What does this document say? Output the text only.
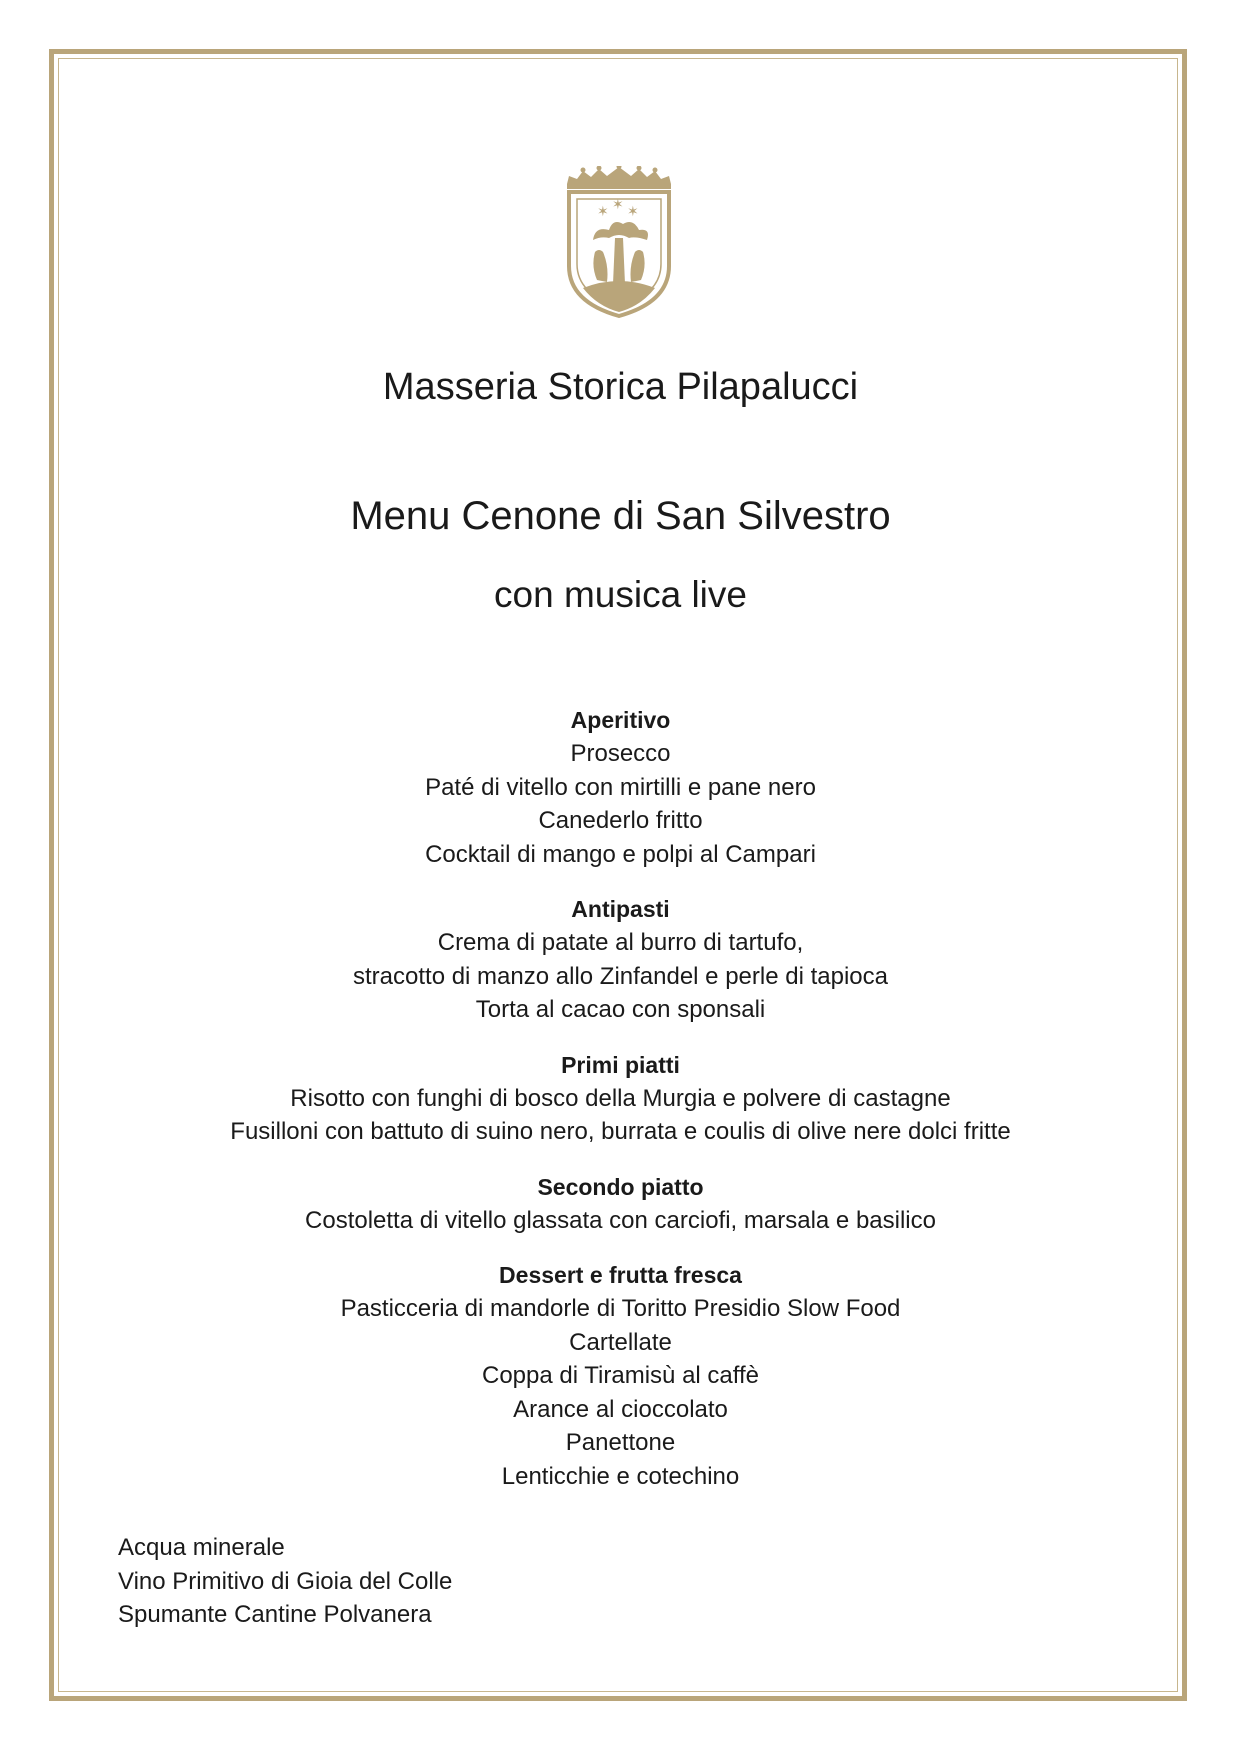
✶ ✶ ✶
Masseria Storica Pilapalucci
Menu Cenone di San Silvestro
con musica live
Aperitivo
Prosecco
Paté di vitello con mirtilli e pane nero
Canederlo fritto
Cocktail di mango e polpi al Campari
Antipasti
Crema di patate al burro di tartufo,
stracotto di manzo allo Zinfandel e perle di tapioca
Torta al cacao con sponsali
Primi piatti
Risotto con funghi di bosco della Murgia e polvere di castagne
Fusilloni con battuto di suino nero, burrata e coulis di olive nere dolci fritte
Secondo piatto
Costoletta di vitello glassata con carciofi, marsala e basilico
Dessert e frutta fresca
Pasticceria di mandorle di Toritto Presidio Slow Food
Cartellate
Coppa di Tiramisù al caffè
Arance al cioccolato
Panettone
Lenticchie e cotechino
Acqua minerale
Vino Primitivo di Gioia del Colle
Spumante Cantine Polvanera
